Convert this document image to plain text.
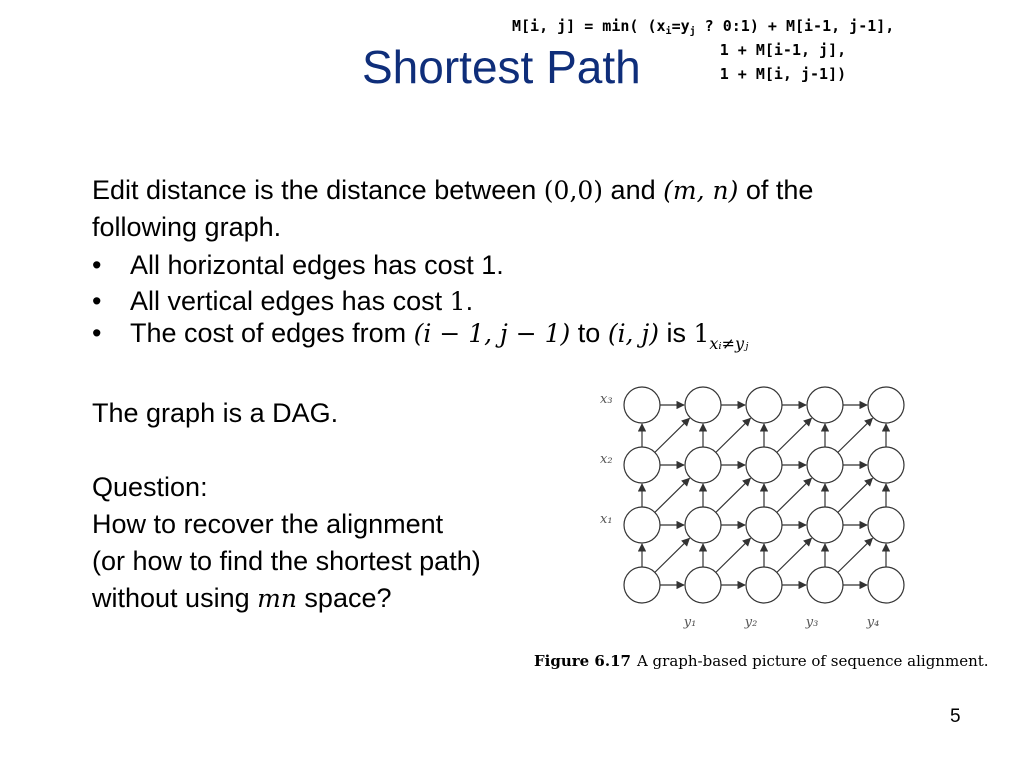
M[i, j] = min( ($x_i=y_j$ ? 0:1) + M[i-1, j-1],
1 + M[i-1, j],
1 + M[i, j-1])
Shortest Path
Edit distance is the distance between (0,0) and (m, n) of the
following graph.
• All horizontal edges has cost 1.
• All vertical edges has cost 1.
• The cost of edges from (i − 1, j − 1) to (i, j) is $1_{xᵢ\ne yⱼ}$
The graph is a DAG.
Question:
How to recover the alignment
(or how to find the shortest path)
without using mn space?
x₃
x₂
x₁
y₁	y₂	y₃	y₄
Figure 6.17 A graph-based picture of sequence alignment.
5
